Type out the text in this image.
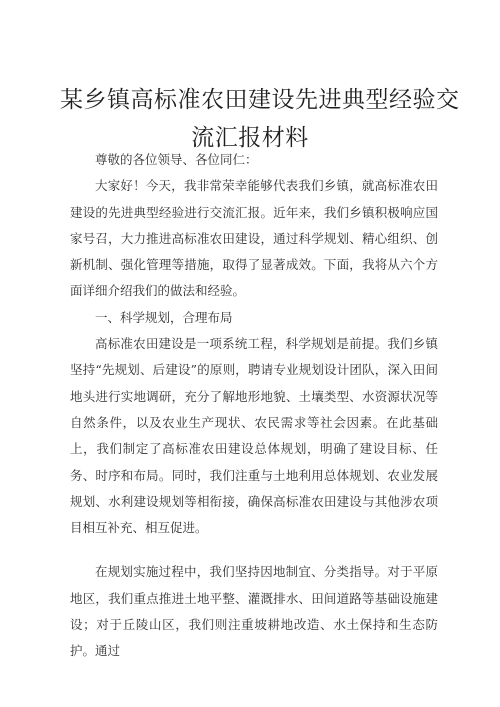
某乡镇高标准农田建设先进典型经验交
流汇报材料

尊敬的各位领导、各位同仁：

大家好！今天，我非常荣幸能够代表我们乡镇，就高标准农田建设的先进典型经验进行交流汇报。近年来，我们乡镇积极响应国家号召，大力推进高标准农田建设，通过科学规划、精心组织、创新机制、强化管理等措施，取得了显著成效。下面，我将从六个方面详细介绍我们的做法和经验。

一、科学规划，合理布局

高标准农田建设是一项系统工程，科学规划是前提。我们乡镇坚持“先规划、后建设”的原则，聘请专业规划设计团队，深入田间地头进行实地调研，充分了解地形地貌、土壤类型、水资源状况等自然条件，以及农业生产现状、农民需求等社会因素。在此基础上，我们制定了高标准农田建设总体规划，明确了建设目标、任务、时序和布局。同时，我们注重与土地利用总体规划、农业发展规划、水利建设规划等相衔接，确保高标准农田建设与其他涉农项目相互补充、相互促进。

在规划实施过程中，我们坚持因地制宜、分类指导。对于平原地区，我们重点推进土地平整、灌溉排水、田间道路等基础设施建设；对于丘陵山区，我们则注重坡耕地改造、水土保持和生态防护。通过
